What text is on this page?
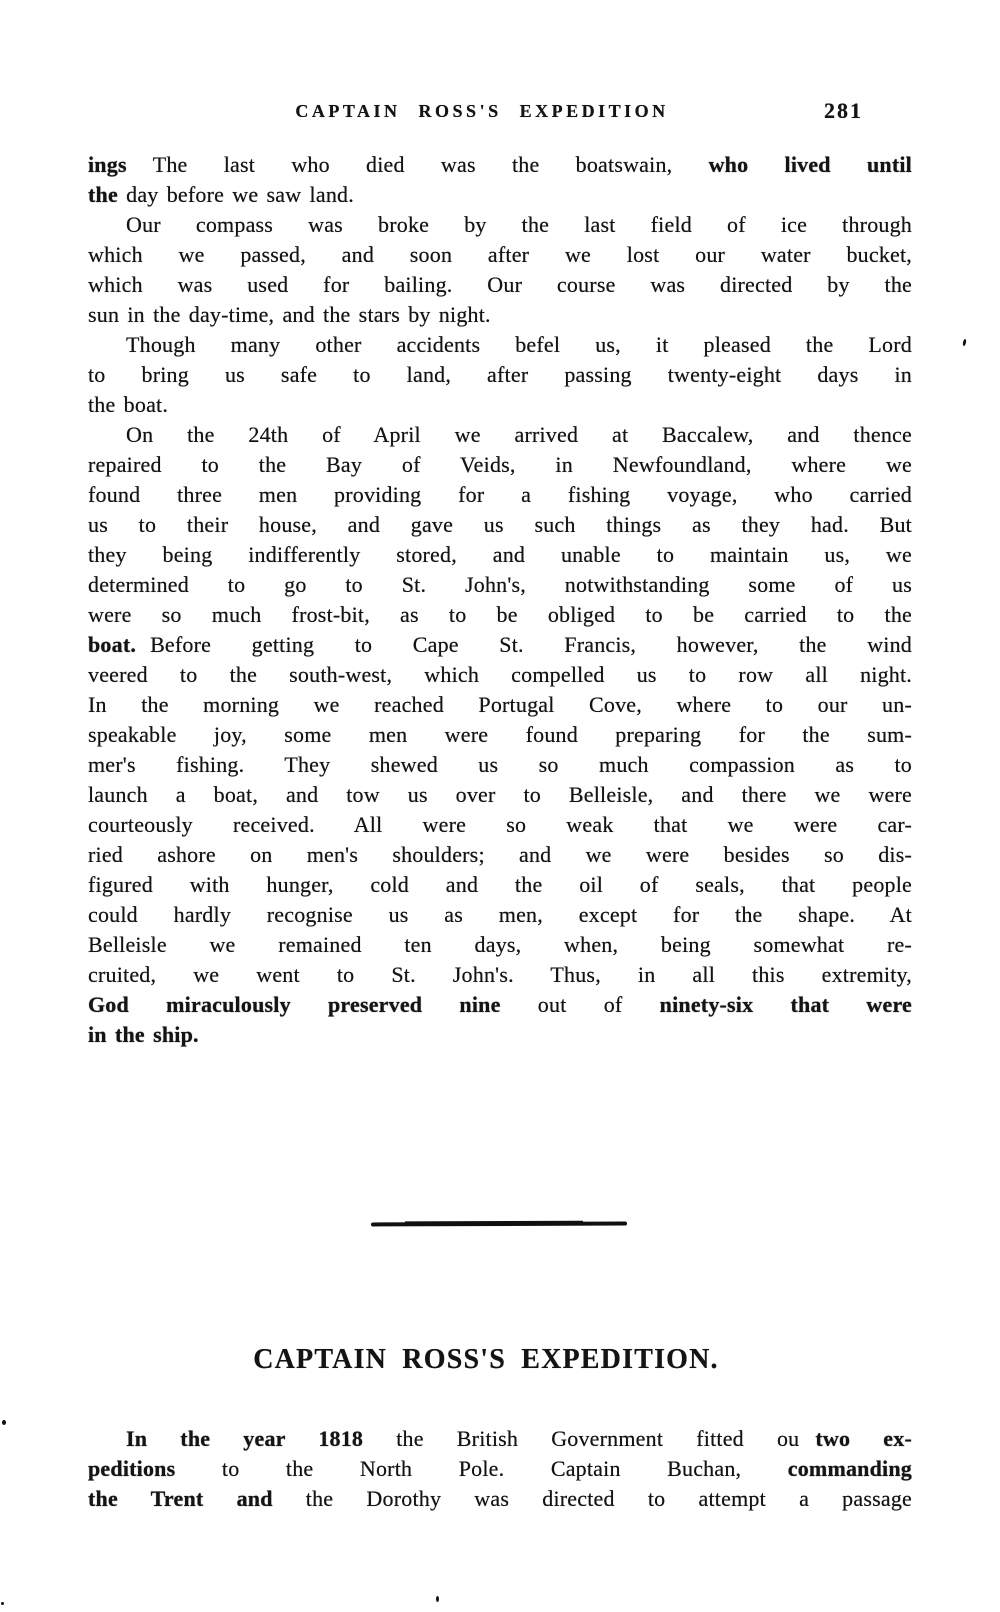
CAPTAIN ROSS'S EXPEDITION	281
ings The last who died was the boatswain, who lived until
the day before we saw land.
Our compass was broke by the last field of ice through
which we passed, and soon after we lost our water bucket,
which was used for bailing. Our course was directed by the
sun in the day-time, and the stars by night.
Though many other accidents befel us, it pleased the Lord
to bring us safe to land, after passing twenty-eight days in
the boat.
On the 24th of April we arrived at Baccalew, and thence
repaired to the Bay of Veids, in Newfoundland, where we
found three men providing for a fishing voyage, who carried
us to their house, and gave us such things as they had. But
they being indifferently stored, and unable to maintain us, we
determined to go to St. John's, notwithstanding some of us
were so much frost-bit, as to be obliged to be carried to the
boat. Before getting to Cape St. Francis, however, the wind
veered to the south-west, which compelled us to row all night.
In the morning we reached Portugal Cove, where to our un-
speakable joy, some men were found preparing for the sum-
mer's fishing. They shewed us so much compassion as to
launch a boat, and tow us over to Belleisle, and there we were
courteously received. All were so weak that we were car-
ried ashore on men's shoulders; and we were besides so dis-
figured with hunger, cold and the oil of seals, that people
could hardly recognise us as men, except for the shape. At
Belleisle we remained ten days, when, being somewhat re-
cruited, we went to St. John's. Thus, in all this extremity,
God miraculously preserved nine out of ninety-six that were
in the ship.
CAPTAIN ROSS'S EXPEDITION.
In the year 1818 the British Government fitted ou two ex-
peditions to the North Pole. Captain Buchan, commanding
the Trent and the Dorothy was directed to attempt a passage
